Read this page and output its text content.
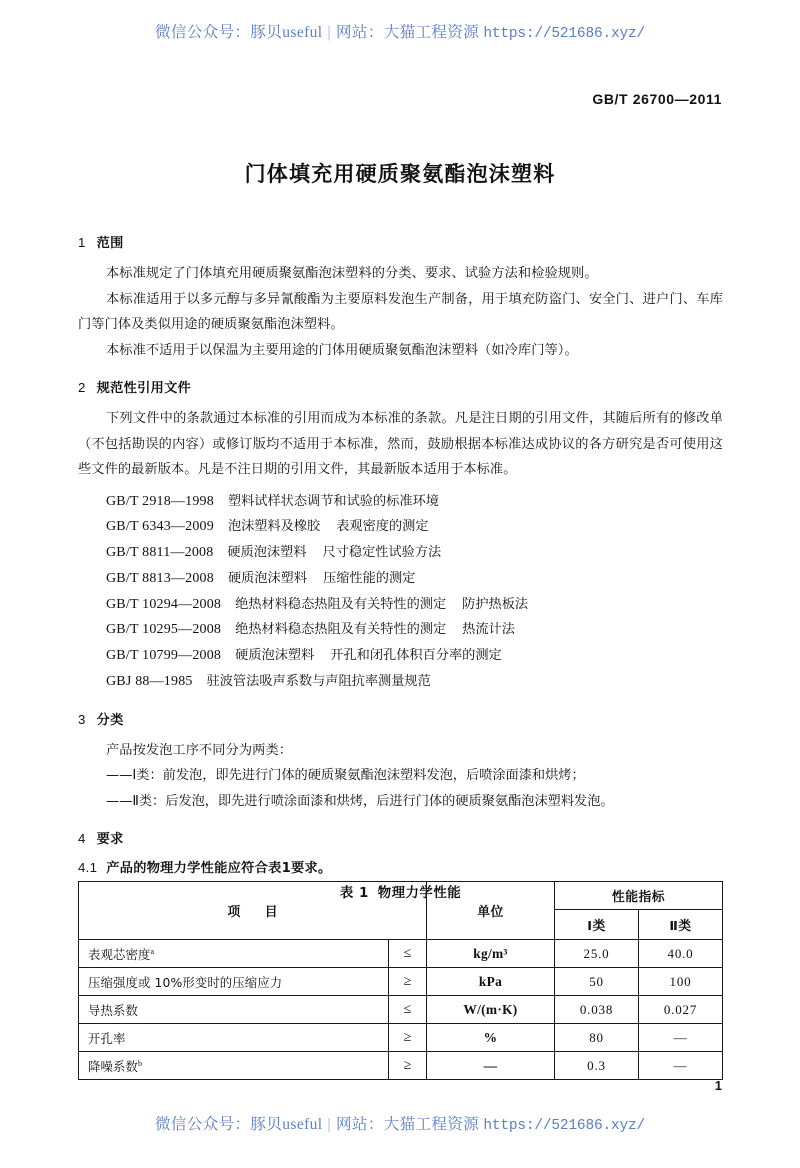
微信公众号：豚贝useful | 网站：大猫工程资源 https://521686.xyz/
GB/T 26700—2011
门体填充用硬质聚氨酯泡沫塑料

1 范围

本标准规定了门体填充用硬质聚氨酯泡沫塑料的分类、要求、试验方法和检验规则。

本标准适用于以多元醇与多异氰酸酯为主要原料发泡生产制备，用于填充防盗门、安全门、进户门、车库门等门体及类似用途的硬质聚氨酯泡沫塑料。

本标准不适用于以保温为主要用途的门体用硬质聚氨酯泡沫塑料（如冷库门等）。

2 规范性引用文件

下列文件中的条款通过本标准的引用而成为本标准的条款。凡是注日期的引用文件，其随后所有的修改单（不包括勘误的内容）或修订版均不适用于本标准，然而，鼓励根据本标准达成协议的各方研究是否可使用这些文件的最新版本。凡是不注日期的引用文件，其最新版本适用于本标准。

GB/T 2918—1998 塑料试样状态调节和试验的标准环境

GB/T 6343—2009 泡沫塑料及橡胶 表观密度的测定

GB/T 8811—2008 硬质泡沫塑料 尺寸稳定性试验方法

GB/T 8813—2008 硬质泡沫塑料 压缩性能的测定

GB/T 10294—2008 绝热材料稳态热阻及有关特性的测定 防护热板法

GB/T 10295—2008 绝热材料稳态热阻及有关特性的测定 热流计法

GB/T 10799—2008 硬质泡沫塑料 开孔和闭孔体积百分率的测定

GBJ 88—1985 驻波管法吸声系数与声阻抗率测量规范

3 分类

产品按发泡工序不同分为两类：

——Ⅰ类：前发泡，即先进行门体的硬质聚氨酯泡沫塑料发泡，后喷涂面漆和烘烤；

——Ⅱ类：后发泡，即先进行喷涂面漆和烘烤，后进行门体的硬质聚氨酯泡沫塑料发泡。

4 要求

4.1 产品的物理力学性能应符合表1要求。

表 1 物理力学性能

项 目		单位	性能指标	
			Ⅰ类	Ⅱ类
表观芯密度$^a$	≤	kg/m³	25.0	40.0
压缩强度或 10%形变时的压缩应力	≥	kPa	50	100
导热系数	≤	W/(m·K)	0.038	0.027
开孔率	≥	%	80	—
降噪系数$^b$	≥	—	0.3	—
1
微信公众号：豚贝useful | 网站：大猫工程资源 https://521686.xyz/
